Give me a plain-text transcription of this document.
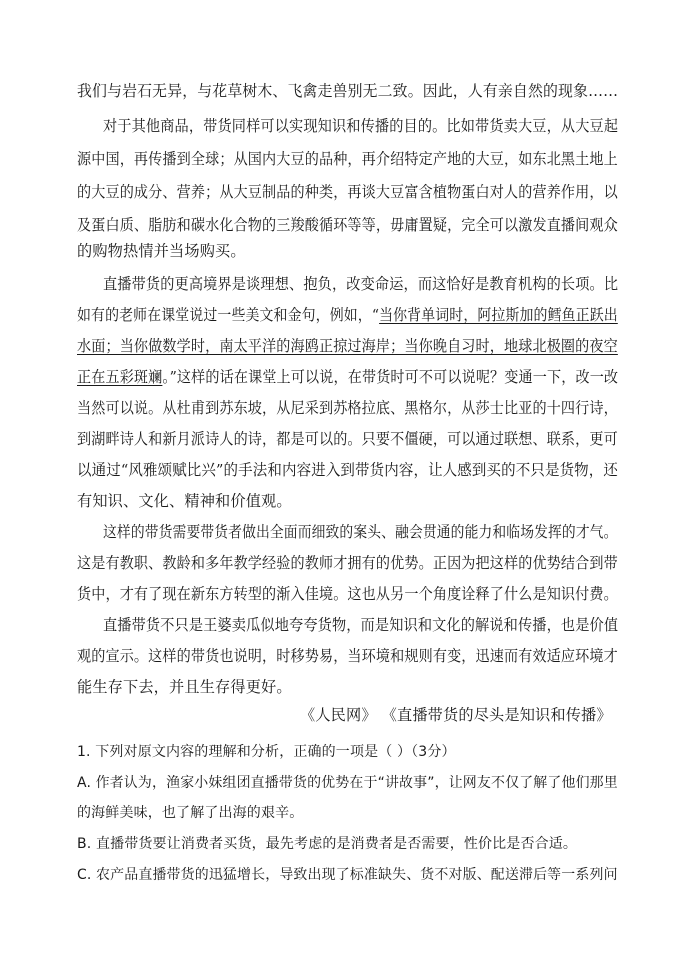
我们与岩石无异，与花草树木、飞禽走兽别无二致。因此，人有亲自然的现象……
对于其他商品，带货同样可以实现知识和传播的目的。比如带货卖大豆，从大豆起
源中国，再传播到全球；从国内大豆的品种，再介绍特定产地的大豆，如东北黑土地上
的大豆的成分、营养；从大豆制品的种类，再谈大豆富含植物蛋白对人的营养作用，以
及蛋白质、脂肪和碳水化合物的三羧酸循环等等，毋庸置疑，完全可以激发直播间观众
的购物热情并当场购买。
直播带货的更高境界是谈理想、抱负，改变命运，而这恰好是教育机构的长项。比
如有的老师在课堂说过一些美文和金句，例如，“当你背单词时，阿拉斯加的鳕鱼正跃出
水面；当你做数学时，南太平洋的海鸥正掠过海岸；当你晚自习时，地球北极圈的夜空
正在五彩斑斓。”这样的话在课堂上可以说，在带货时可不可以说呢？变通一下，改一改
当然可以说。从杜甫到苏东坡，从尼采到苏格拉底、黑格尔，从莎士比亚的十四行诗，
到湖畔诗人和新月派诗人的诗，都是可以的。只要不僵硬，可以通过联想、联系，更可
以通过“风雅颂赋比兴”的手法和内容进入到带货内容，让人感到买的不只是货物，还
有知识、文化、精神和价值观。
这样的带货需要带货者做出全面而细致的案头、融会贯通的能力和临场发挥的才气。
这是有教职、教龄和多年教学经验的教师才拥有的优势。正因为把这样的优势结合到带
货中，才有了现在新东方转型的渐入佳境。这也从另一个角度诠释了什么是知识付费。
直播带货不只是王婆卖瓜似地夸夸货物，而是知识和文化的解说和传播，也是价值
观的宣示。这样的带货也说明，时移势易，当环境和规则有变，迅速而有效适应环境才
能生存下去，并且生存得更好。
《人民网》 《直播带货的尽头是知识和传播》
1. 下列对原文内容的理解和分析，正确的一项是（ ）（3分）
A. 作者认为，渔家小妹组团直播带货的优势在于“讲故事”，让网友不仅了解了他们那里
的海鲜美味，也了解了出海的艰辛。
B. 直播带货要让消费者买货，最先考虑的是消费者是否需要，性价比是否合适。
C. 农产品直播带货的迅猛增长，导致出现了标准缺失、货不对版、配送滞后等一系列问
